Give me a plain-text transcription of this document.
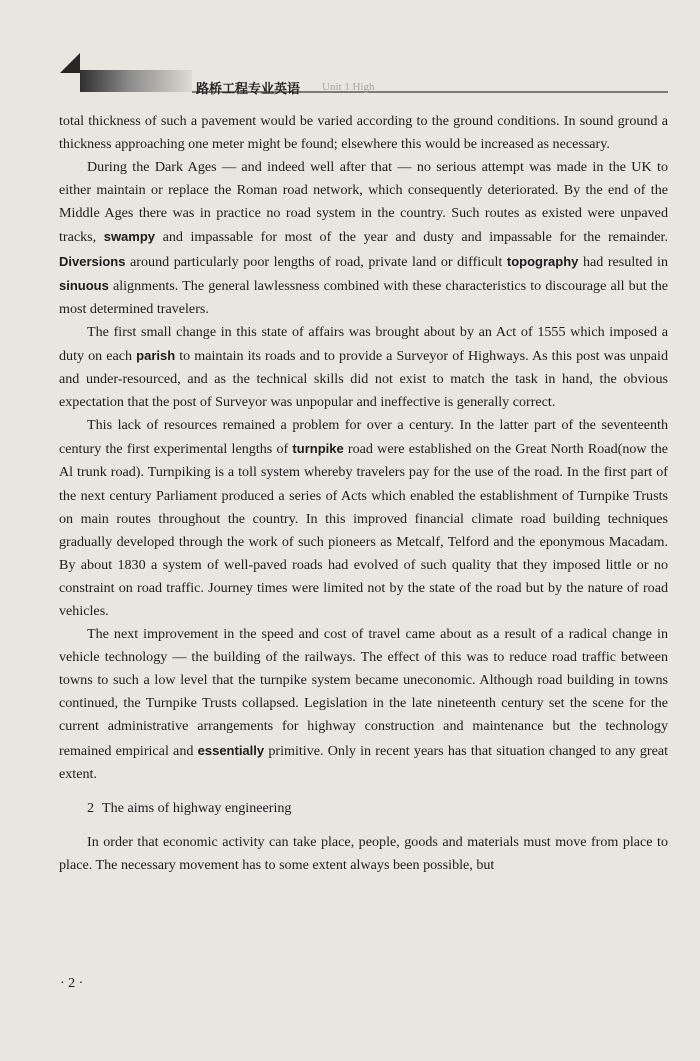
Unit 1 High
路桥工程专业英语

total thickness of such a pavement would be varied according to the ground conditions. In sound ground a thickness approaching one meter might be found; elsewhere this would be increased as necessary.

During the Dark Ages — and indeed well after that — no serious attempt was made in the UK to either maintain or replace the Roman road network, which consequently deteriorated. By the end of the Middle Ages there was in practice no road system in the country. Such routes as existed were unpaved tracks, swampy and impassable for most of the year and dusty and impassable for the remainder. Diversions around particularly poor lengths of road, private land or difficult topography had resulted in sinuous alignments. The general lawlessness combined with these characteristics to discourage all but the most determined travelers.

The first small change in this state of affairs was brought about by an Act of 1555 which imposed a duty on each parish to maintain its roads and to provide a Surveyor of Highways. As this post was unpaid and under-resourced, and as the technical skills did not exist to match the task in hand, the obvious expectation that the post of Surveyor was unpopular and ineffective is generally correct.

This lack of resources remained a problem for over a century. In the latter part of the seventeenth century the first experimental lengths of turnpike road were established on the Great North Road(now the Al trunk road). Turnpiking is a toll system whereby travelers pay for the use of the road. In the first part of the next century Parliament produced a series of Acts which enabled the establishment of Turnpike Trusts on main routes throughout the country. In this improved financial climate road building techniques gradually developed through the work of such pioneers as Metcalf, Telford and the eponymous Macadam. By about 1830 a system of well-paved roads had evolved of such quality that they imposed little or no constraint on road traffic. Journey times were limited not by the state of the road but by the nature of road vehicles.

The next improvement in the speed and cost of travel came about as a result of a radical change in vehicle technology — the building of the railways. The effect of this was to reduce road traffic between towns to such a low level that the turnpike system became uneconomic. Although road building in towns continued, the Turnpike Trusts collapsed. Legislation in the late nineteenth century set the scene for the current administrative arrangements for highway construction and maintenance but the technology remained empirical and essentially primitive. Only in recent years has that situation changed to any great extent.

2 The aims of highway engineering

In order that economic activity can take place, people, goods and materials must move from place to place. The necessary movement has to some extent always been possible, but

· 2 ·
